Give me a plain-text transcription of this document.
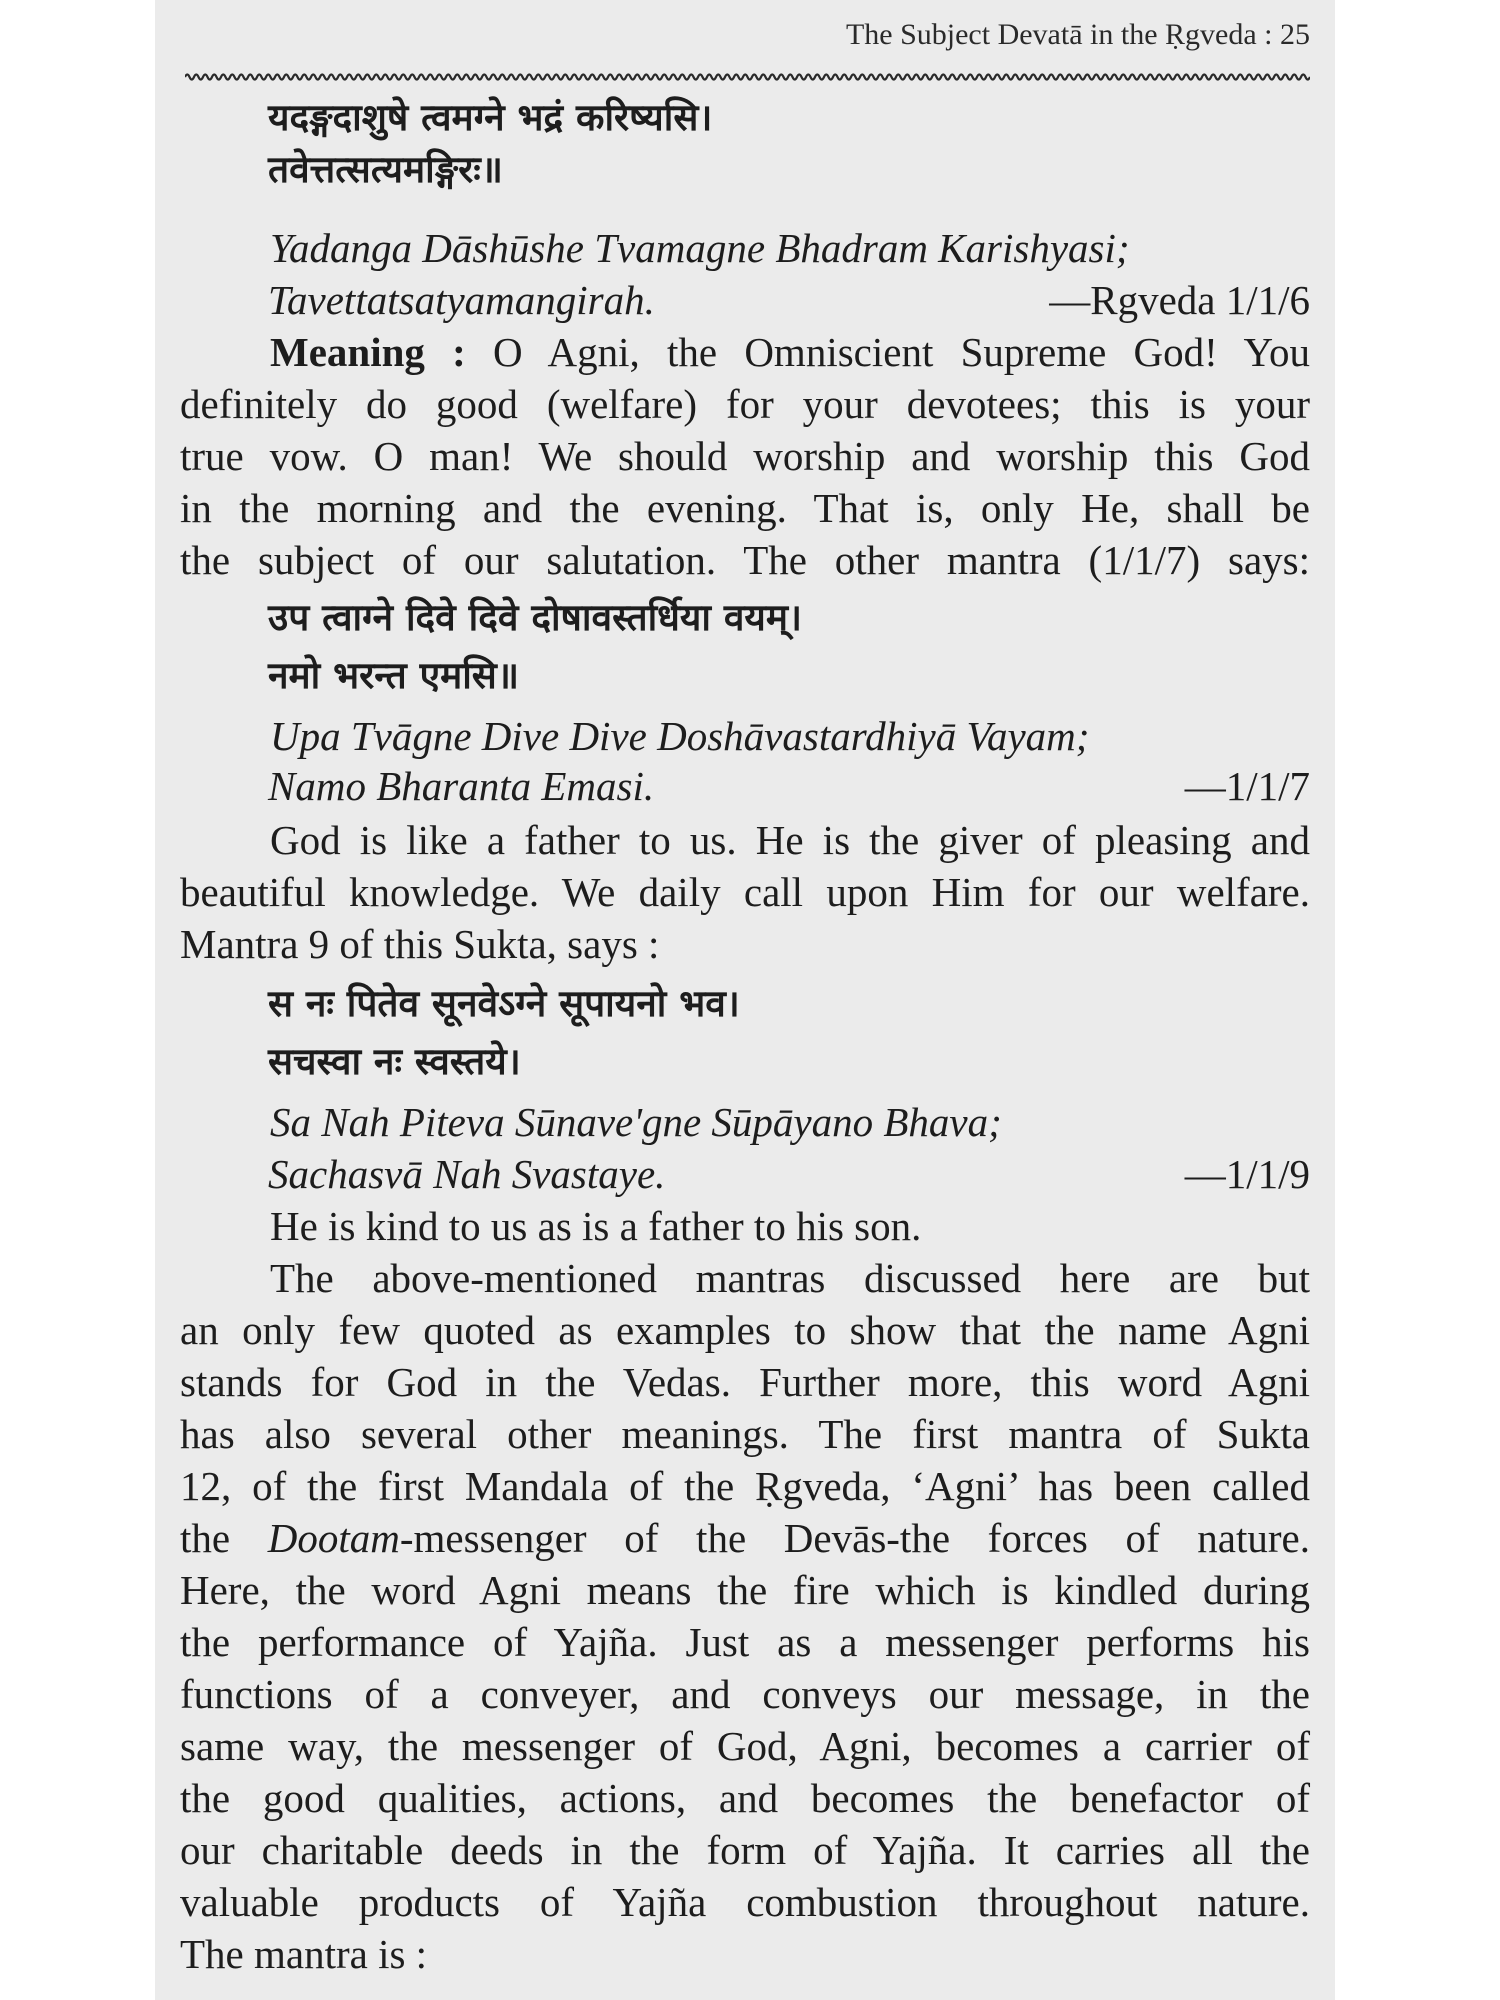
The Subject Devatā in the Ṛgveda : 25
यदङ्गदाशुषे त्वमग्ने भद्रं करिष्यसि।
तवेत्तत्सत्यमङ्गिरः॥
Yadanga Dāshūshe Tvamagne Bhadram Karishyasi;
Tavettatsatyamangirah.	—Rgveda 1/1/6
Meaning : O Agni, the Omniscient Supreme God! You
definitely do good (welfare) for your devotees; this is your
true vow. O man! We should worship and worship this God
in the morning and the evening. That is, only He, shall be
the subject of our salutation. The other mantra (1/1/7) says:
उप त्वाग्ने दिवे दिवे दोषावस्तर्धिया वयम्।
नमो भरन्त एमसि॥
Upa Tvāgne Dive Dive Doshāvastardhiyā Vayam;
Namo Bharanta Emasi.	—1/1/7
God is like a father to us. He is the giver of pleasing and
beautiful knowledge. We daily call upon Him for our welfare.
Mantra 9 of this Sukta, says :
स नः पितेव सूनवेऽग्ने सूपायनो भव।
सचस्वा नः स्वस्तये।
Sa Nah Piteva Sūnave'gne Sūpāyano Bhava;
Sachasvā Nah Svastaye.	—1/1/9
He is kind to us as is a father to his son.
The above-mentioned mantras discussed here are but
an only few quoted as examples to show that the name Agni
stands for God in the Vedas. Further more, this word Agni
has also several other meanings. The first mantra of Sukta
12, of the first Mandala of the Ṛgveda, ‘Agni’ has been called
the Dootam-messenger of the Devās-the forces of nature.
Here, the word Agni means the fire which is kindled during
the performance of Yajña. Just as a messenger performs his
functions of a conveyer, and conveys our message, in the
same way, the messenger of God, Agni, becomes a carrier of
the good qualities, actions, and becomes the benefactor of
our charitable deeds in the form of Yajña. It carries all the
valuable products of Yajña combustion throughout nature.
The mantra is :
